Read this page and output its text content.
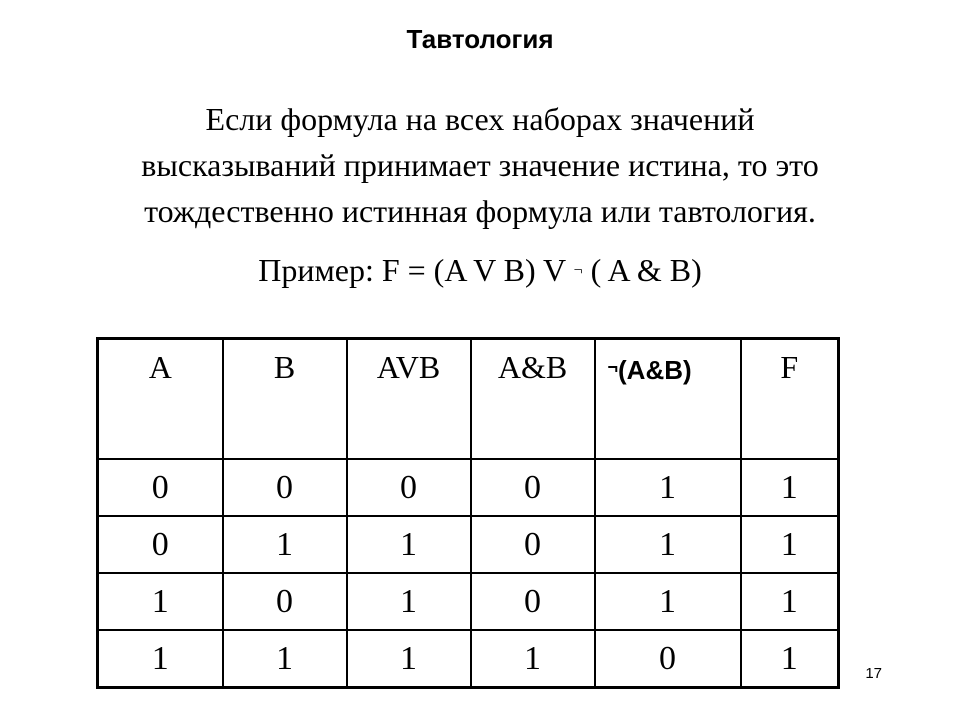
Тавтология
Если формула на всех наборах значений
высказываний принимает значение истина, то это
тождественно истинная формула или тавтология.
Пример: F = (A V B) V ¬ ( A & B)
A	B	AVB	A&B	¬(A&B)	F
0	0	0	0	1	1
0	1	1	0	1	1
1	0	1	0	1	1
1	1	1	1	0	1	17
